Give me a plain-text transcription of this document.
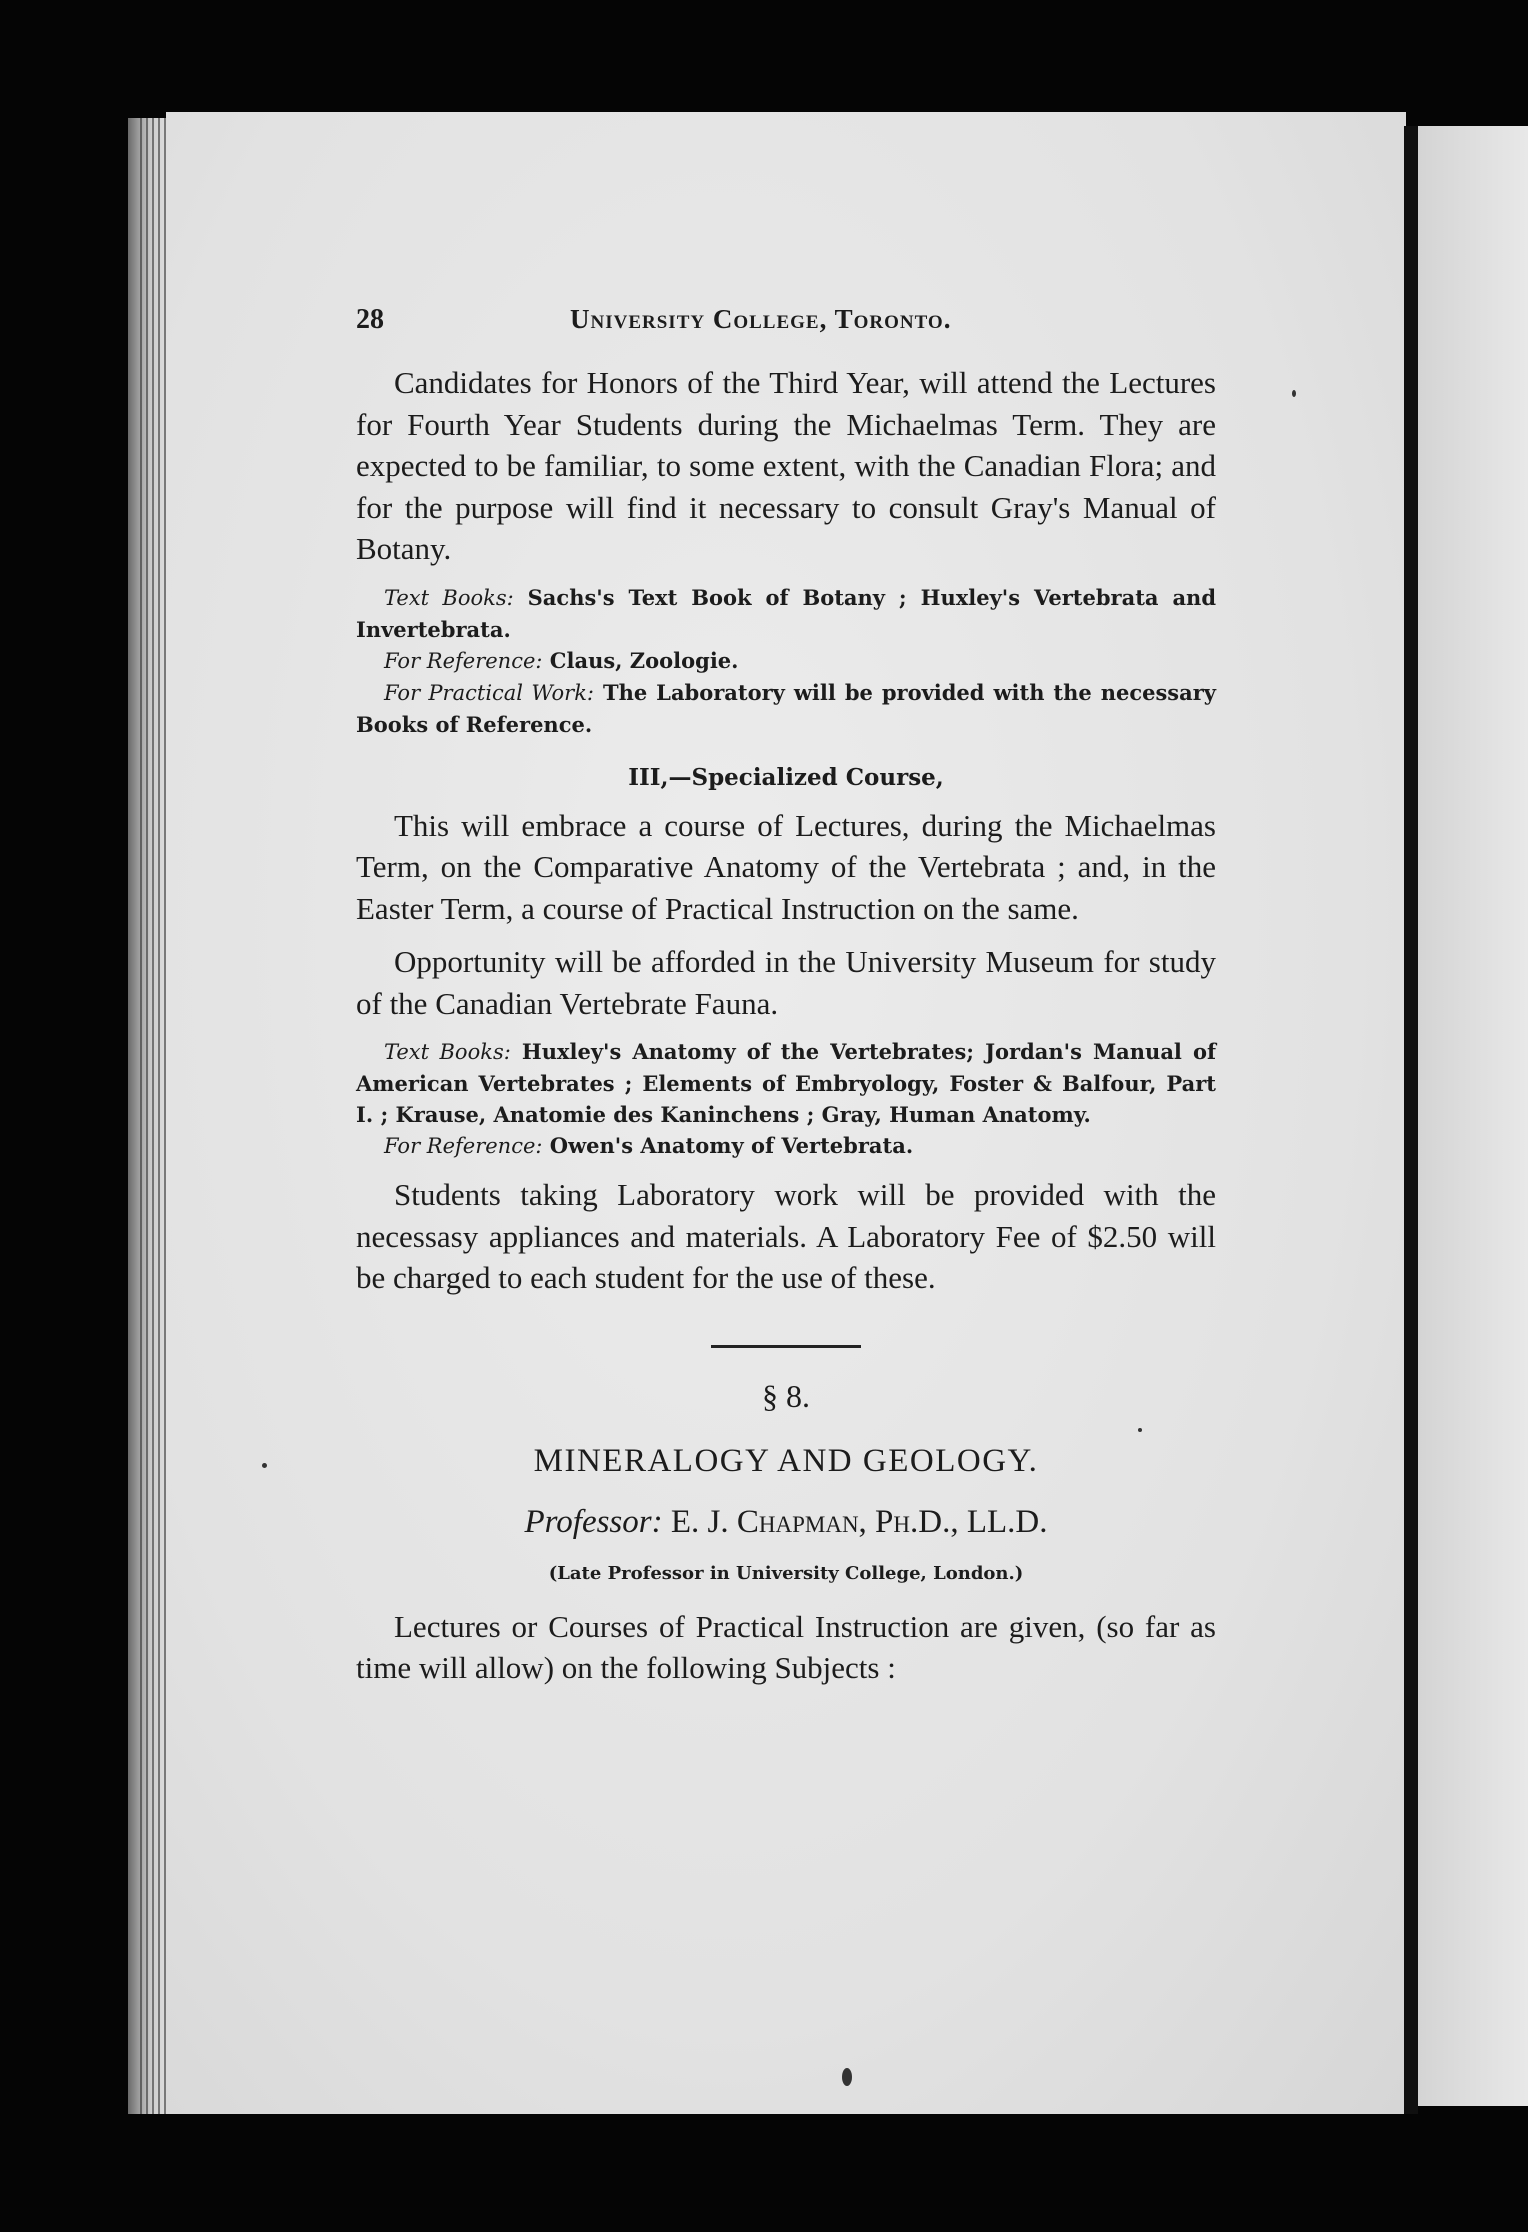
28	University College, Toronto.

Candidates for Honors of the Third Year, will attend the Lectures for Fourth Year Students during the Michaelmas Term. They are expected to be familiar, to some extent, with the Canadian Flora; and for the purpose will find it necessary to consult Gray's Manual of Botany.

Text Books: Sachs's Text Book of Botany ; Huxley's Vertebrata and Invertebrata.

For Reference: Claus, Zoologie.

For Practical Work: The Laboratory will be provided with the necessary Books of Reference.

III,—Specialized Course,

This will embrace a course of Lectures, during the Michaelmas Term, on the Comparative Anatomy of the Vertebrata ; and, in the Easter Term, a course of Practical Instruction on the same.

Opportunity will be afforded in the University Museum for study of the Canadian Vertebrate Fauna.

Text Books: Huxley's Anatomy of the Vertebrates; Jordan's Manual of American Vertebrates ; Elements of Embryology, Foster & Balfour, Part I. ; Krause, Anatomie des Kaninchens ; Gray, Human Anatomy.

For Reference: Owen's Anatomy of Vertebrata.

Students taking Laboratory work will be provided with the necessasy appliances and materials. A Laboratory Fee of $2.50 will be charged to each student for the use of these.

§ 8.
MINERALOGY AND GEOLOGY.
Professor: E. J. Chapman, Ph.D., LL.D.
(Late Professor in University College, London.)

Lectures or Courses of Practical Instruction are given, (so far as time will allow) on the following Subjects :
